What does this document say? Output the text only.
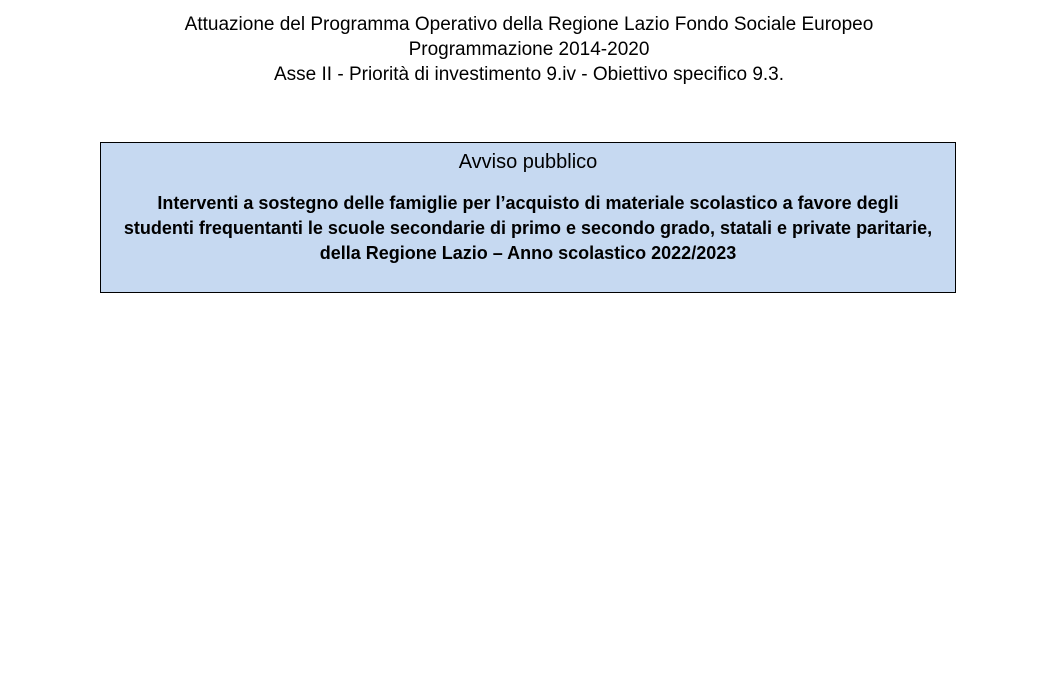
Attuazione del Programma Operativo della Regione Lazio Fondo Sociale Europeo
Programmazione 2014-2020
Asse II - Priorità di investimento 9.iv - Obiettivo specifico 9.3.
Avviso pubblico
Interventi a sostegno delle famiglie per l’acquisto di materiale scolastico a favore degli studenti frequentanti le scuole secondarie di primo e secondo grado, statali e private paritarie, della Regione Lazio – Anno scolastico 2022/2023
